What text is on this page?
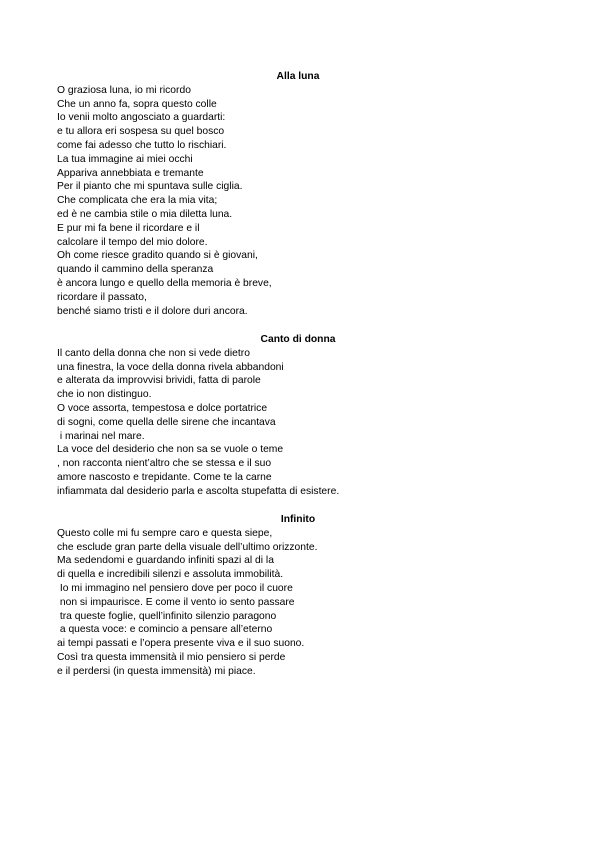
Alla luna
O graziosa luna, io mi ricordo
Che un anno fa, sopra questo colle
Io venii molto angosciato a guardarti:
e tu allora eri sospesa su quel bosco
come fai adesso che tutto lo rischiari.
La tua immagine ai miei occhi
Appariva annebbiata e tremante
Per il pianto che mi spuntava sulle ciglia.
Che complicata che era la mia vita;
ed è ne cambia stile o mia diletta luna.
E pur mi fa bene il ricordare e il
calcolare il tempo del mio dolore.
Oh come riesce gradito quando si è giovani,
quando il cammino della speranza
è ancora lungo e quello della memoria è breve,
ricordare il passato,
benché siamo tristi e il dolore duri ancora.
Canto di donna
Il canto della donna che non si vede dietro
una finestra, la voce della donna rivela abbandoni
e alterata da improvvisi brividi, fatta di parole
che io non distinguo.
O voce assorta, tempestosa e dolce portatrice
di sogni, come quella delle sirene che incantava
i marinai nel mare.
La voce del desiderio che non sa se vuole o teme
, non racconta nient’altro che se stessa e il suo
amore nascosto e trepidante. Come te la carne
infiammata dal desiderio parla e ascolta stupefatta di esistere.
Infinito
Questo colle mi fu sempre caro e questa siepe,
che esclude gran parte della visuale dell’ultimo orizzonte.
Ma sedendomi e guardando infiniti spazi al di la
di quella e incredibili silenzi e assoluta immobilità.
Io mi immagino nel pensiero dove per poco il cuore
non si impaurisce. E come il vento io sento passare
tra queste foglie, quell’infinito silenzio paragono
a questa voce: e comincio a pensare all’eterno
ai tempi passati e l’opera presente viva e il suo suono.
Così tra questa immensità il mio pensiero si perde
e il perdersi (in questa immensità) mi piace.
